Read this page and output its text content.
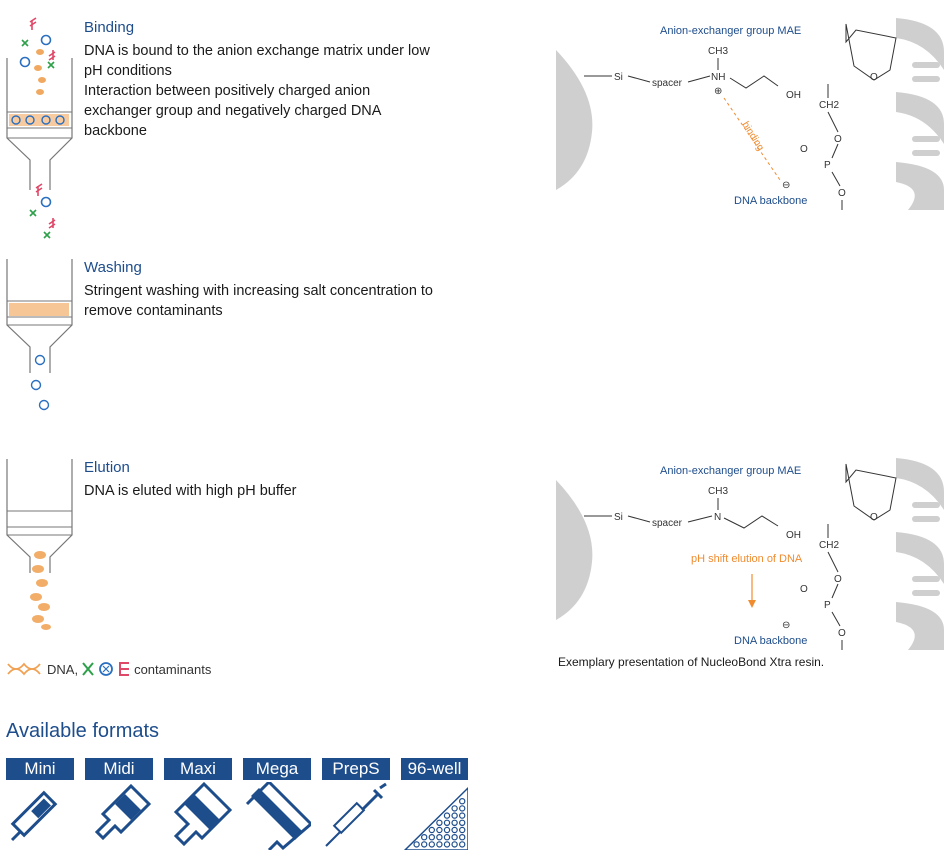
Binding
DNA is bound to the anion exchange matrix under low
pH conditions
Interaction between positively charged anion
exchanger group and negatively charged DNA
backbone
Washing
Stringent washing with increasing salt concentration to
remove contaminants
Elution
DNA is eluted with high pH buffer
DNA,	contaminants
O
Anion-exchanger group MAE
CH3
Si
spacer
NH
⊕	OH
CH2
O
P
O
O
⊖
binding
DNA backbone
O
Anion-exchanger group MAE
CH3
Si
spacer
N
OH
CH2
O
P
O
O
⊖
pH shift elution of DNA
DNA backbone
Exemplary presentation of NucleoBond Xtra resin.
Available formats
Mini	Midi	Maxi	Mega	PrepS	96-well
